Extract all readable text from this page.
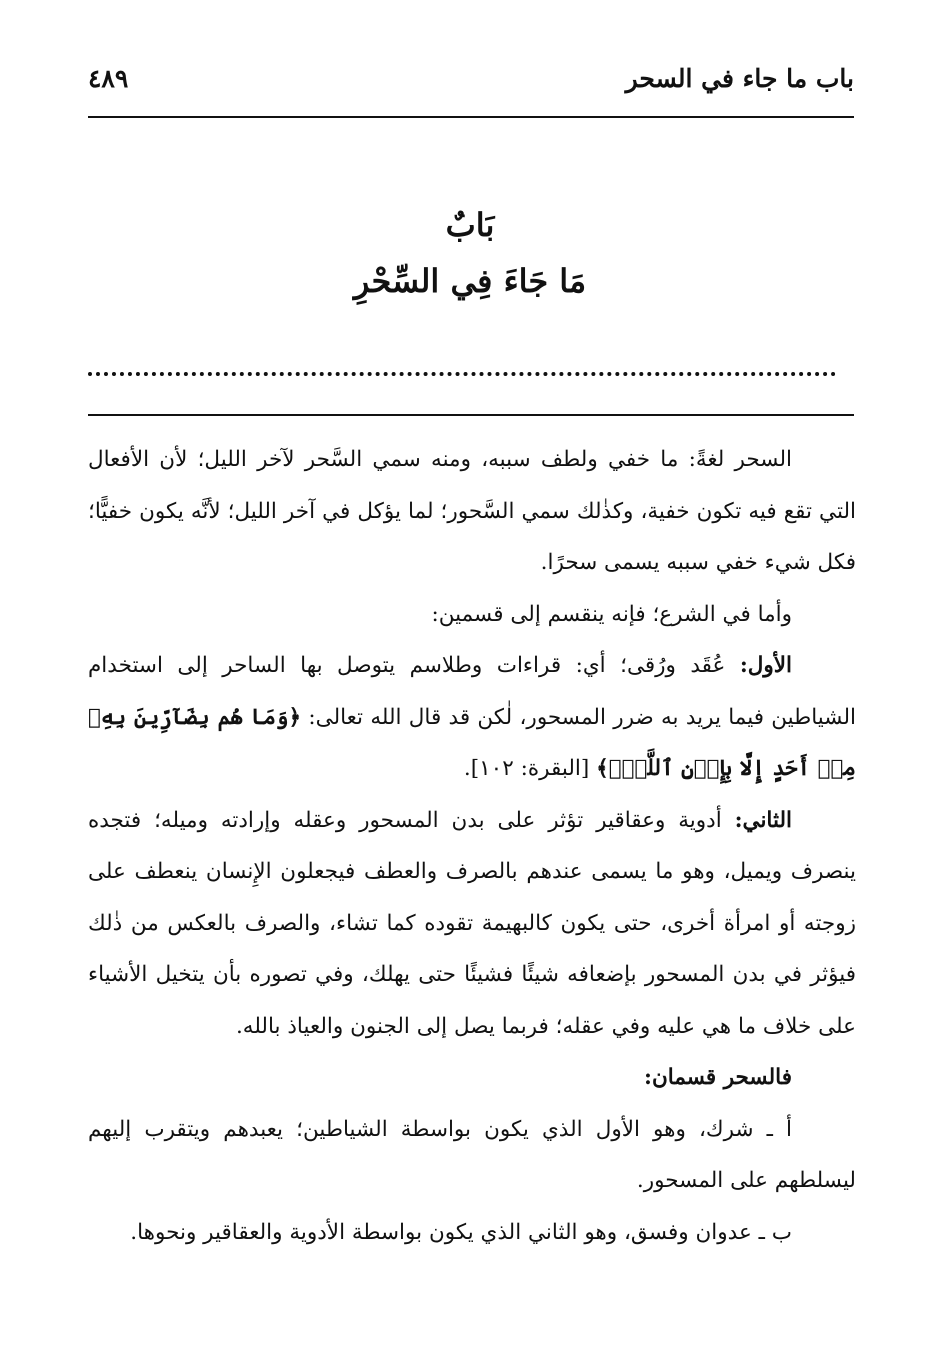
باب ما جاء في السحر
٤٨٩
بَابٌ
مَا جَاءَ فِي السِّحْرِ

السحر لغةً: ما خفي ولطف سببه، ومنه سمي السَّحر لآخر الليل؛ لأن الأفعال التي تقع فيه تكون خفية، وكذٰلك سمي السَّحور؛ لما يؤكل في آخر الليل؛ لأنَّه يكون خفيًّا؛ فكل شيء خفي سببه يسمى سحرًا.

وأما في الشرع؛ فإنه ينقسم إلى قسمين:

الأول: عُقَد ورُقى؛ أي: قراءات وطلاسم يتوصل بها الساحر إلى استخدام الشياطين فيما يريد به ضرر المسحور، لٰكن قد قال الله تعالى: ﴿وَمَا هُم بِضَآرِّينَ بِهِۦ مِنۡ أَحَدٍ إِلَّا بِإِذۡنِ ٱللَّهِۚ﴾ [البقرة: ١٠٢].

الثاني: أدوية وعقاقير تؤثر على بدن المسحور وعقله وإرادته وميله؛ فتجده ينصرف ويميل، وهو ما يسمى عندهم بالصرف والعطف فيجعلون الإِنسان ينعطف على زوجته أو امرأة أخرى، حتى يكون كالبهيمة تقوده كما تشاء، والصرف بالعكس من ذٰلك فيؤثر في بدن المسحور بإضعافه شيئًا فشيئًا حتى يهلك، وفي تصوره بأن يتخيل الأشياء على خلاف ما هي عليه وفي عقله؛ فربما يصل إلى الجنون والعياذ بالله.

فالسحر قسمان:

أ ـ شرك، وهو الأول الذي يكون بواسطة الشياطين؛ يعبدهم ويتقرب إليهم ليسلطهم على المسحور.

ب ـ عدوان وفسق، وهو الثاني الذي يكون بواسطة الأدوية والعقاقير ونحوها.
